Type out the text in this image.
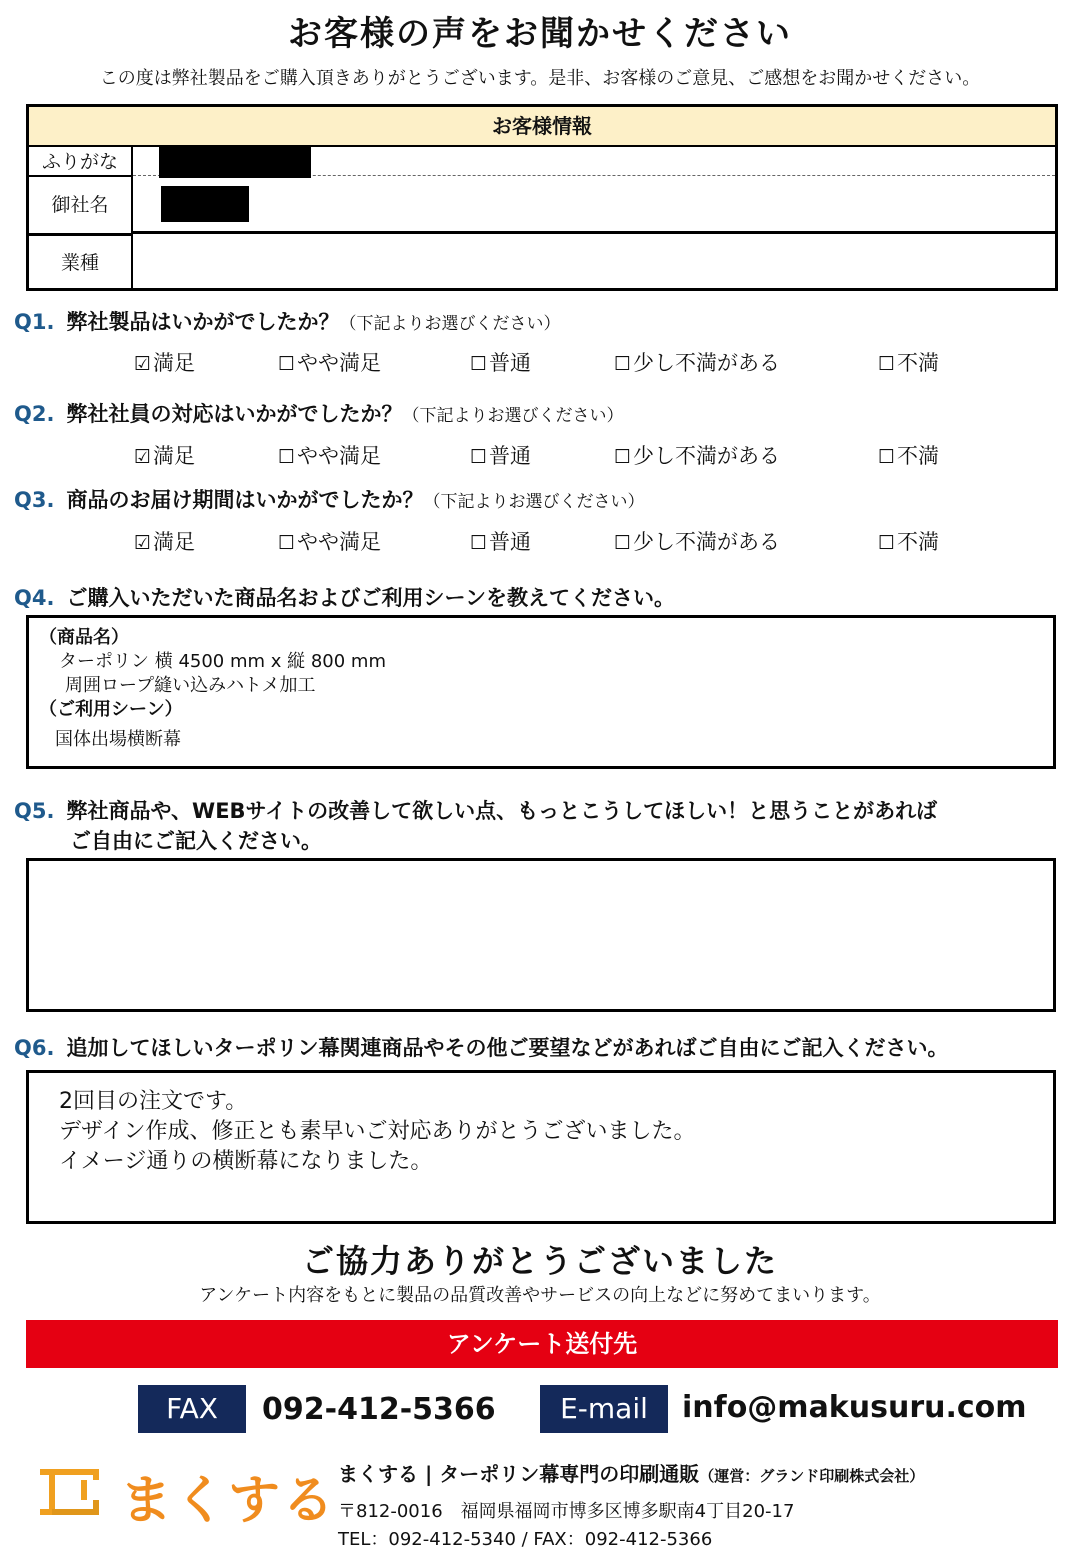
お客様の声をお聞かせください
この度は弊社製品をご購入頂きありがとうございます。是非、お客様のご意見、ご感想をお聞かせください。
お客様情報
ふりがな
御社名
業種
Q1. 弊社製品はいかがでしたか？（下記よりお選びください）
☑満足	☐やや満足	☐普通	☐少し不満がある	☐不満
Q2. 弊社社員の対応はいかがでしたか？（下記よりお選びください）
☑満足	☐やや満足	☐普通	☐少し不満がある	☐不満
Q3. 商品のお届け期間はいかがでしたか？（下記よりお選びください）
☑満足	☐やや満足	☐普通	☐少し不満がある	☐不満
Q4. ご購入いただいた商品名およびご利用シーンを教えてください。
（商品名）
ターポリン 横 4500 mm x 縦 800 mm
周囲ロープ縫い込みハトメ加工
（ご利用シーン）
国体出場横断幕
Q5. 弊社商品や、WEBサイトの改善して欲しい点、もっとこうしてほしい！と思うことがあれば
ご自由にご記入ください。
Q6. 追加してほしいターポリン幕関連商品やその他ご要望などがあればご自由にご記入ください。
2回目の注文です。
デザイン作成、修正とも素早いご対応ありがとうございました。
イメージ通りの横断幕になりました。
ご協力ありがとうございました
アンケート内容をもとに製品の品質改善やサービスの向上などに努めてまいります。
アンケート送付先
FAX	092-412-5366	E-mail	info@makusuru.com
まくする まくする | ターポリン幕専門の印刷通販（運営：グランド印刷株式会社）
〒812-0016　福岡県福岡市博多区博多駅南4丁目20-17
TEL：092-412-5340 / FAX：092-412-5366
